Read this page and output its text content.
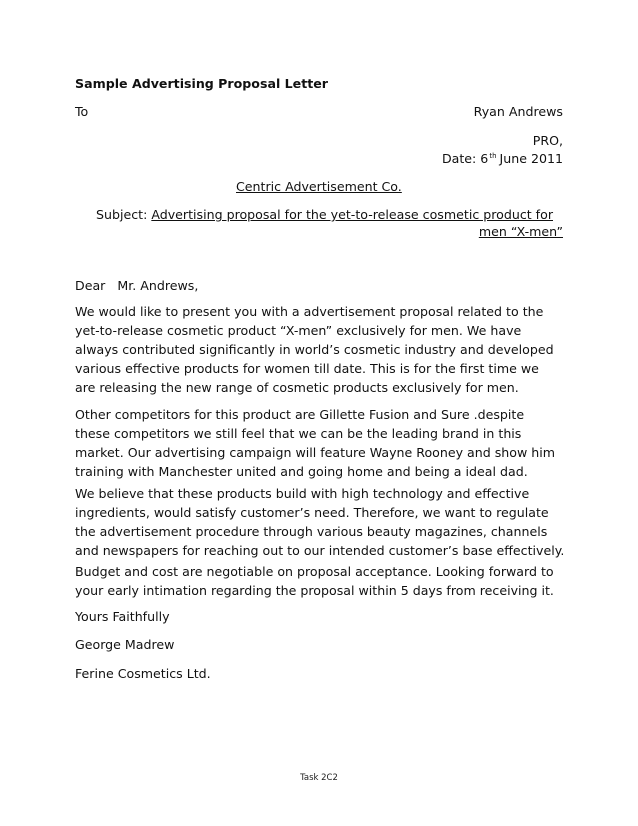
Sample Advertising Proposal Letter
To	Ryan Andrews
PRO,
Date: 6th June 2011
Centric Advertisement Co.
Subject: Advertising proposal for the yet-to-release cosmetic product for
men “X-men”
Dear   Mr. Andrews,
We would like to present you with a advertisement proposal related to the
yet-to-release cosmetic product “X-men” exclusively for men. We have
always contributed significantly in world’s cosmetic industry and developed
various effective products for women till date. This is for the first time we
are releasing the new range of cosmetic products exclusively for men.
Other competitors for this product are Gillette Fusion and Sure .despite
these competitors we still feel that we can be the leading brand in this
market. Our advertising campaign will feature Wayne Rooney and show him
training with Manchester united and going home and being a ideal dad.
We believe that these products build with high technology and effective
ingredients, would satisfy customer’s need. Therefore, we want to regulate
the advertisement procedure through various beauty magazines, channels
and newspapers for reaching out to our intended customer’s base effectively.
Budget and cost are negotiable on proposal acceptance. Looking forward to
your early intimation regarding the proposal within 5 days from receiving it.
Yours Faithfully
George Madrew
Ferine Cosmetics Ltd.
Task 2C2
